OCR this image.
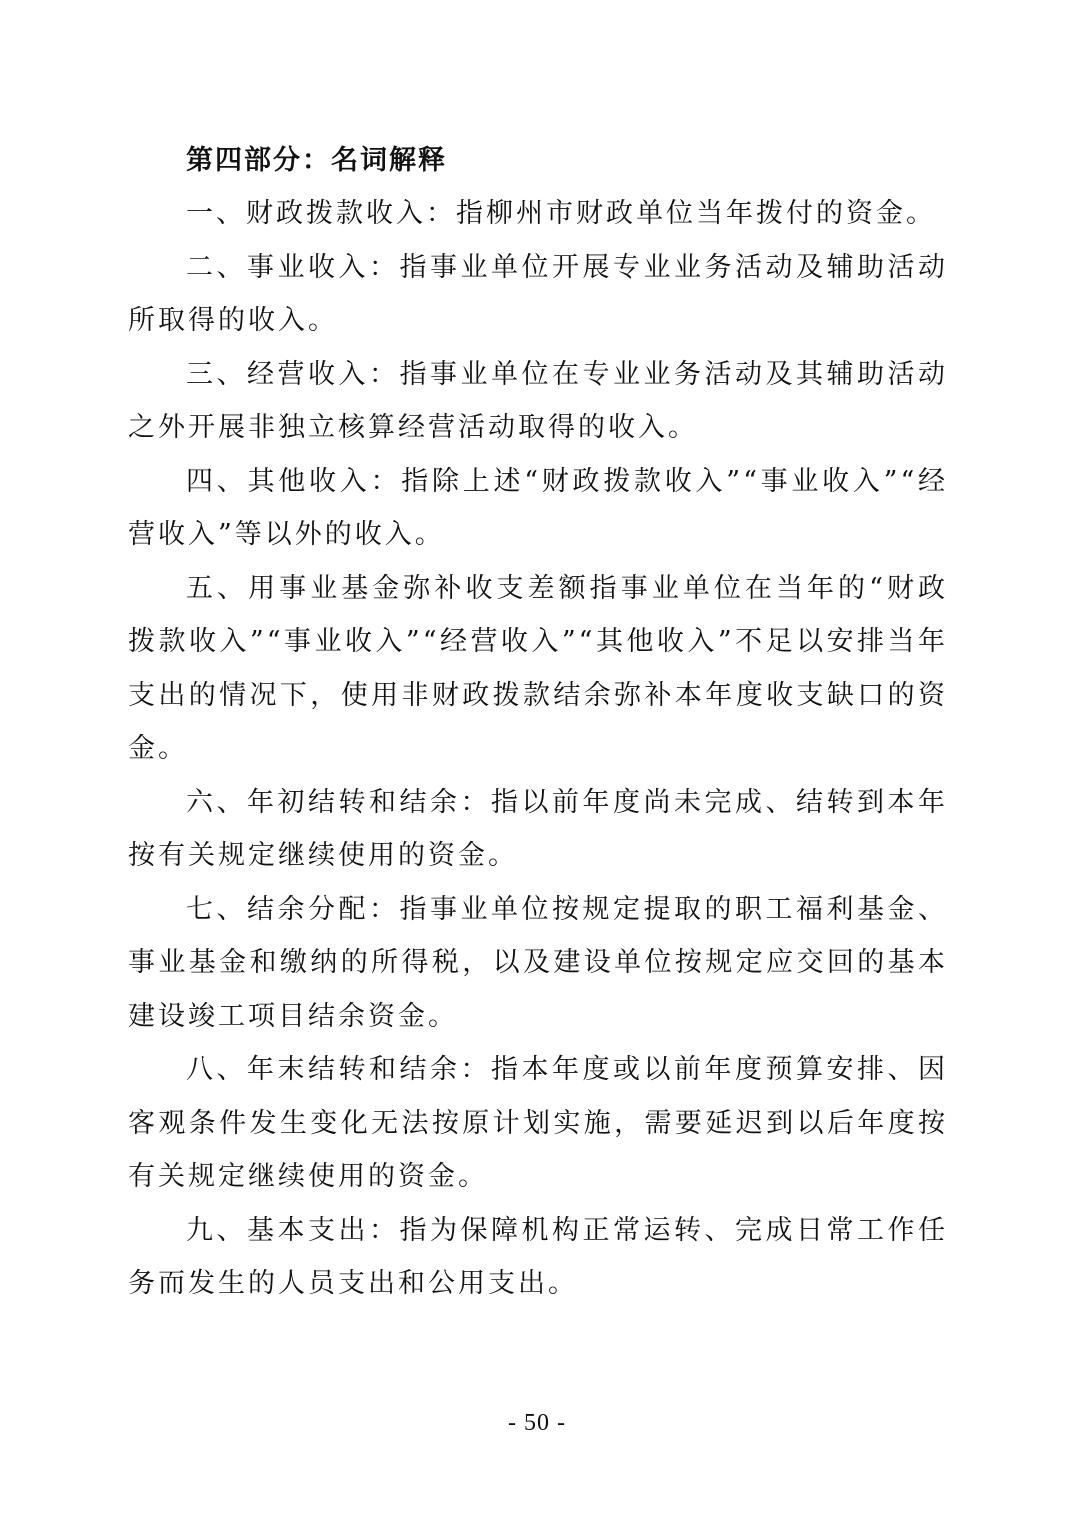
第四部分：名词解释

一、财政拨款收入：指柳州市财政单位当年拨付的资金。

二、事业收入：指事业单位开展专业业务活动及辅助活动所取得的收入。

三、经营收入：指事业单位在专业业务活动及其辅助活动之外开展非独立核算经营活动取得的收入。

四、其他收入：指除上述“财政拨款收入”“事业收入”“经营收入”等以外的收入。

五、用事业基金弥补收支差额指事业单位在当年的“财政拨款收入”“事业收入”“经营收入”“其他收入”不足以安排当年支出的情况下，使用非财政拨款结余弥补本年度收支缺口的资金。

六、年初结转和结余：指以前年度尚未完成、结转到本年 按有关规定继续使用的资金。

七、结余分配：指事业单位按规定提取的职工福利基金、事业基金和缴纳的所得税，以及建设单位按规定应交回的基本建设竣工项目结余资金。

八、年末结转和结余：指本年度或以前年度预算安排、因客观条件发生变化无法按原计划实施，需要延迟到以后年度按有关规定继续使用的资金。

九、基本支出：指为保障机构正常运转、完成日常工作任务而发生的人员支出和公用支出。

- 50 -
